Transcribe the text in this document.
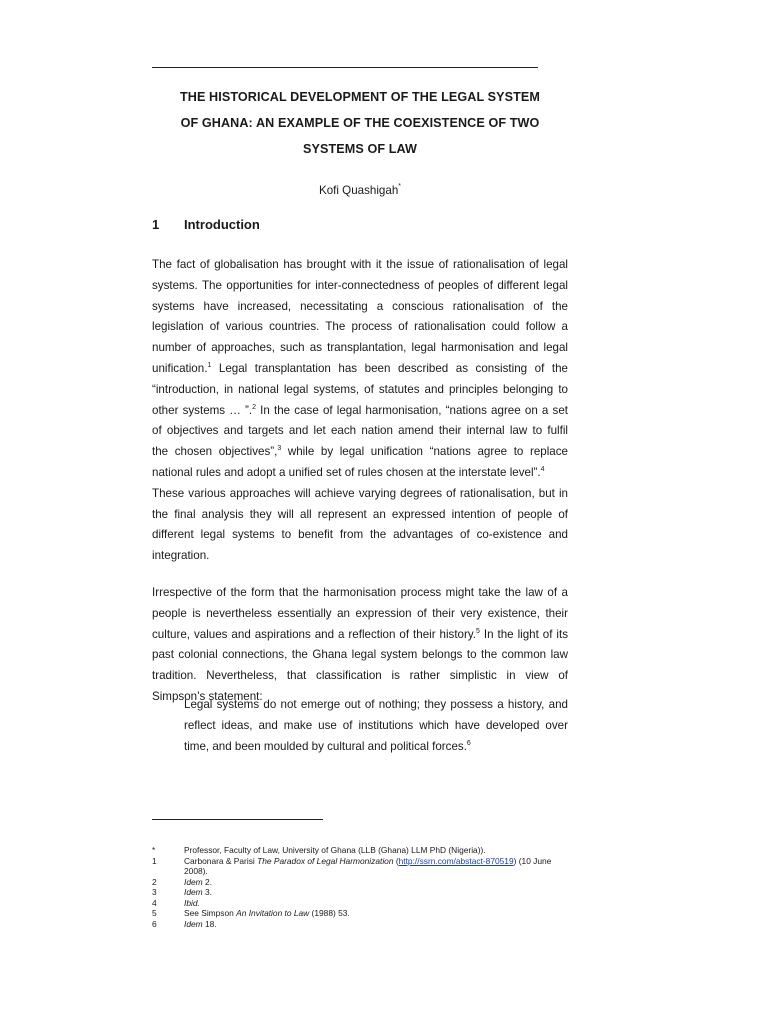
THE HISTORICAL DEVELOPMENT OF THE LEGAL SYSTEM
OF GHANA: AN EXAMPLE OF THE COEXISTENCE OF TWO
SYSTEMS OF LAW
Kofi Quashigah*
1 Introduction
The fact of globalisation has brought with it the issue of rationalisation of legal
systems. The opportunities for inter-connectedness of peoples of different legal
systems have increased, necessitating a conscious rationalisation of the
legislation of various countries. The process of rationalisation could follow a
number of approaches, such as transplantation, legal harmonisation and legal
unification.$^1$ Legal transplantation has been described as consisting of the
“introduction, in national legal systems, of statutes and principles belonging to
other systems … ”.$^2$ In the case of legal harmonisation, “nations agree on a set
of objectives and targets and let each nation amend their internal law to fulfil
the chosen objectives”,$^3$ while by legal unification “nations agree to replace
national rules and adopt a unified set of rules chosen at the interstate level”.$^4$
These various approaches will achieve varying degrees of rationalisation, but in
the final analysis they will all represent an expressed intention of people of
different legal systems to benefit from the advantages of co-existence and
integration.
Irrespective of the form that the harmonisation process might take the law of a
people is nevertheless essentially an expression of their very existence, their
culture, values and aspirations and a reflection of their history.$^5$ In the light of its
past colonial connections, the Ghana legal system belongs to the common law
tradition. Nevertheless, that classification is rather simplistic in view of
Simpson’s statement:
Legal systems do not emerge out of nothing; they possess a history, and
reflect ideas, and make use of institutions which have developed over
time, and been moulded by cultural and political forces.$^6$
*	Professor, Faculty of Law, University of Ghana (LLB (Ghana) LLM PhD (Nigeria)).
1	Carbonara & Parisi The Paradox of Legal Harmonization (http://ssrn.com/abstact-870519) (10 June 2008).
2	Idem 2.
3	Idem 3.
4	Ibid.
5	See Simpson An Invitation to Law (1988) 53.
6	Idem 18.
